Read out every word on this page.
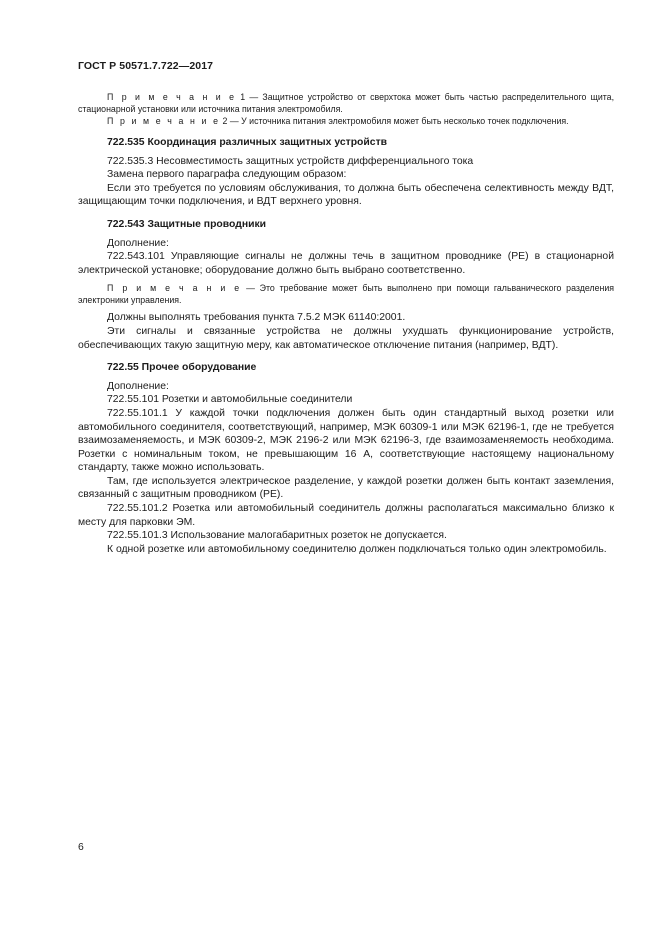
ГОСТ Р 50571.7.722—2017

П р и м е ч а н и е 1 — Защитное устройство от сверхтока может быть частью распределительного щита, стационарной установки или источника питания электромобиля.

П р и м е ч а н и е 2 — У источника питания электромобиля может быть несколько точек подключения.

722.535 Координация различных защитных устройств

722.535.3 Несовместимость защитных устройств дифференциального тока

Замена первого параграфа следующим образом:

Если это требуется по условиям обслуживания, то должна быть обеспечена селективность между ВДТ, защищающим точки подключения, и ВДТ верхнего уровня.

722.543 Защитные проводники

Дополнение:

722.543.101 Управляющие сигналы не должны течь в защитном проводнике (PE) в стационарной электрической установке; оборудование должно быть выбрано соответственно.

П р и м е ч а н и е — Это требование может быть выполнено при помощи гальванического разделения электроники управления.

Должны выполнять требования пункта 7.5.2 МЭК 61140:2001.

Эти сигналы и связанные устройства не должны ухудшать функционирование устройств, обеспечивающих такую защитную меру, как автоматическое отключение питания (например, ВДТ).

722.55 Прочее оборудование

Дополнение:

722.55.101 Розетки и автомобильные соединители

722.55.101.1 У каждой точки подключения должен быть один стандартный выход розетки или автомобильного соединителя, соответствующий, например, МЭК 60309-1 или МЭК 62196-1, где не требуется взаимозаменяемость, и МЭК 60309-2, МЭК 2196-2 или МЭК 62196-3, где взаимозаменяемость необходима. Розетки с номинальным током, не превышающим 16 А, соответствующие настоящему национальному стандарту, также можно использовать.

Там, где используется электрическое разделение, у каждой розетки должен быть контакт заземления, связанный с защитным проводником (PE).

722.55.101.2 Розетка или автомобильный соединитель должны располагаться максимально близко к месту для парковки ЭМ.

722.55.101.3 Использование малогабаритных розеток не допускается.

К одной розетке или автомобильному соединителю должен подключаться только один электромобиль.

6
